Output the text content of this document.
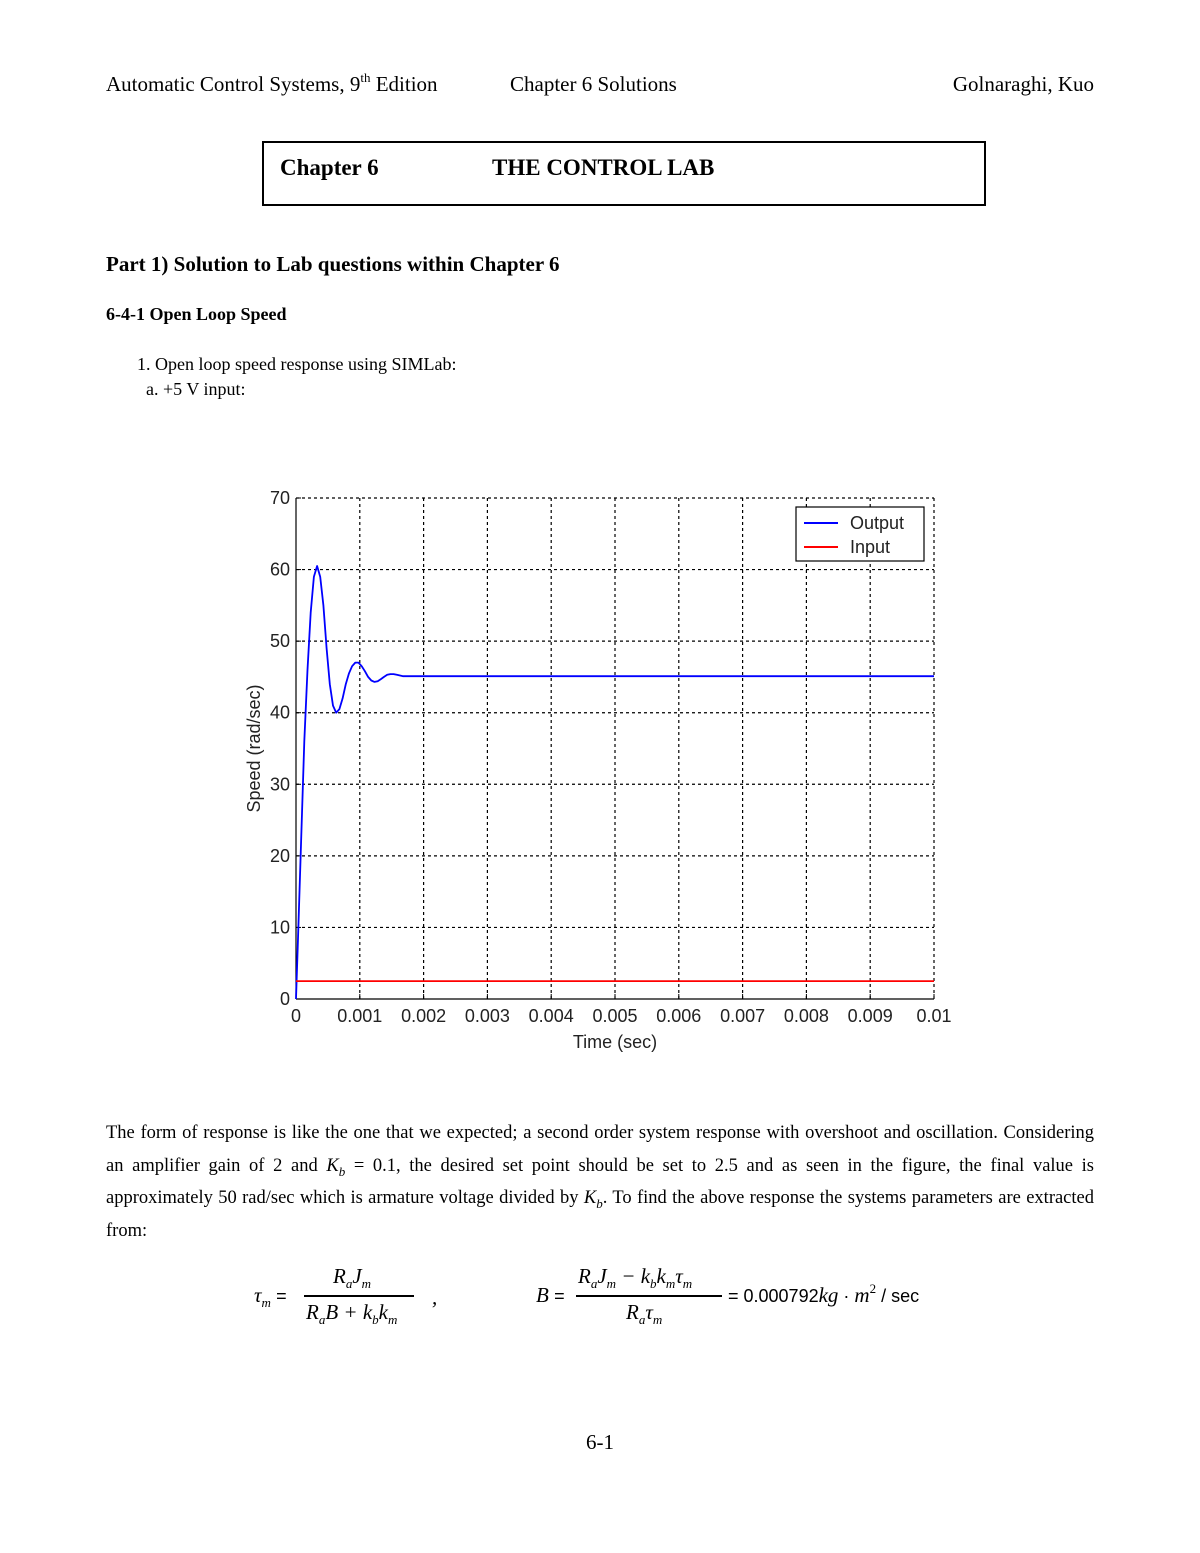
Automatic Control Systems, 9th Edition	Chapter 6 Solutions	Golnaraghi, Kuo
Chapter 6	THE CONTROL LAB
Part 1) Solution to Lab questions within Chapter 6
6-4-1 Open Loop Speed
1. Open loop speed response using SIMLab:
a. +5 V input:
0 0.001 0.002 0.003 0.004 0.005 0.006 0.007 0.008 0.009 0.01
0
10
20
30
40
50
60
70
Time (sec)
Speed (rad/sec)
Output
Input
The form of response is like the one that we expected; a second order system response with overshoot and oscillation. Considering an amplifier gain of 2 and $K_b = 0.1$, the desired set point should be set to 2.5 and as seen in the figure, the final value is approximately 50 rad/sec which is armature voltage divided by $K_b$. To find the above response the systems parameters are extracted from:
$\tau_m$ =
$R_aJ_m$
$R_aB + k_bk_m$
,	B =
$R_aJ_m - k_bk_m\tau_m$
$R_a\tau_m$
= $0.000792kg \cdot m^2 / \sec$
6-1
